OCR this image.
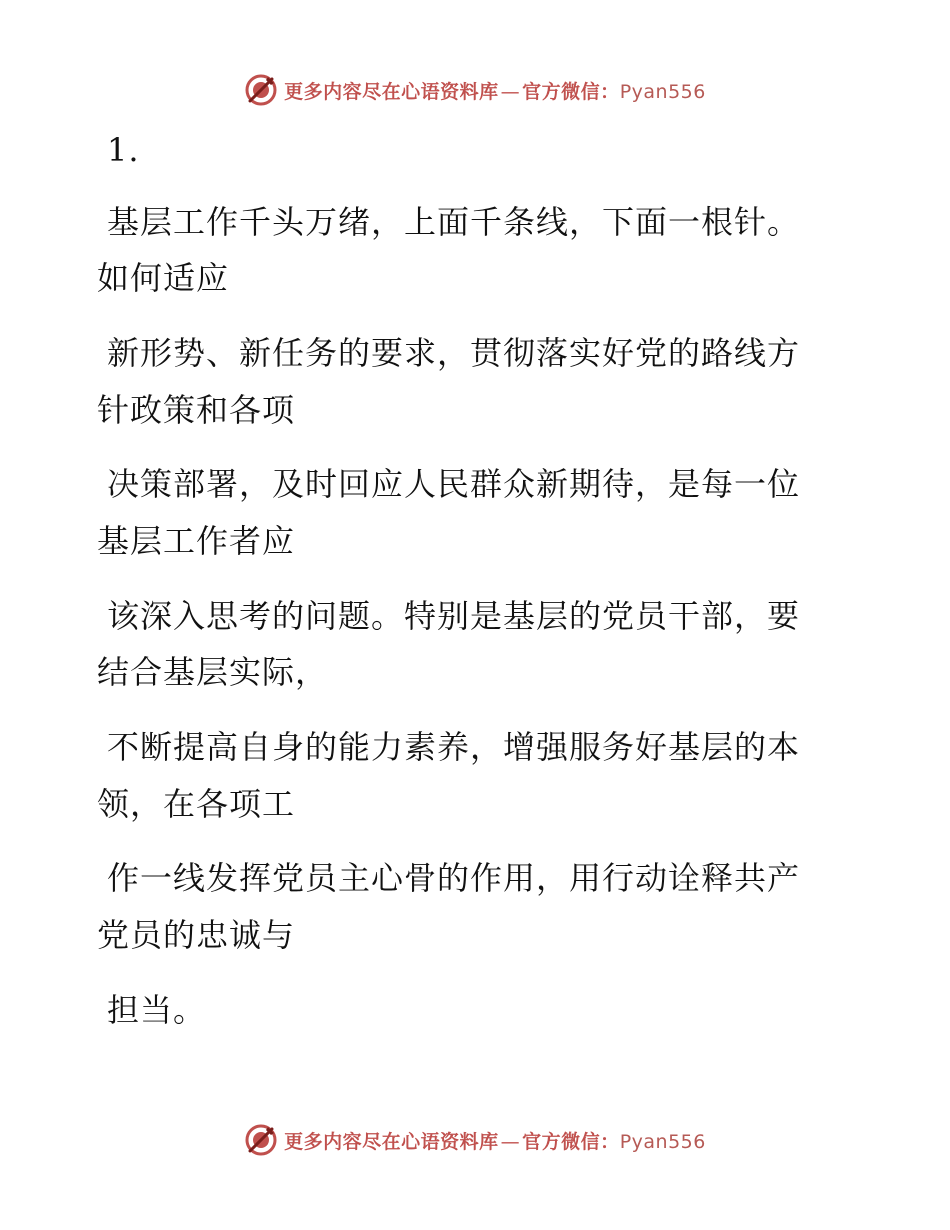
更多内容尽在心语资料库 — 官方微信：Pyan556
1.
基层工作千头万绪，上面千条线，下面一根针。
如何适应
新形势、新任务的要求，贯彻落实好党的路线方
针政策和各项
决策部署，及时回应人民群众新期待，是每一位
基层工作者应
该深入思考的问题。特别是基层的党员干部，要
结合基层实际，
不断提高自身的能力素养，增强服务好基层的本
领，在各项工
作一线发挥党员主心骨的作用，用行动诠释共产
党员的忠诚与
担当。
更多内容尽在心语资料库 — 官方微信：Pyan556
